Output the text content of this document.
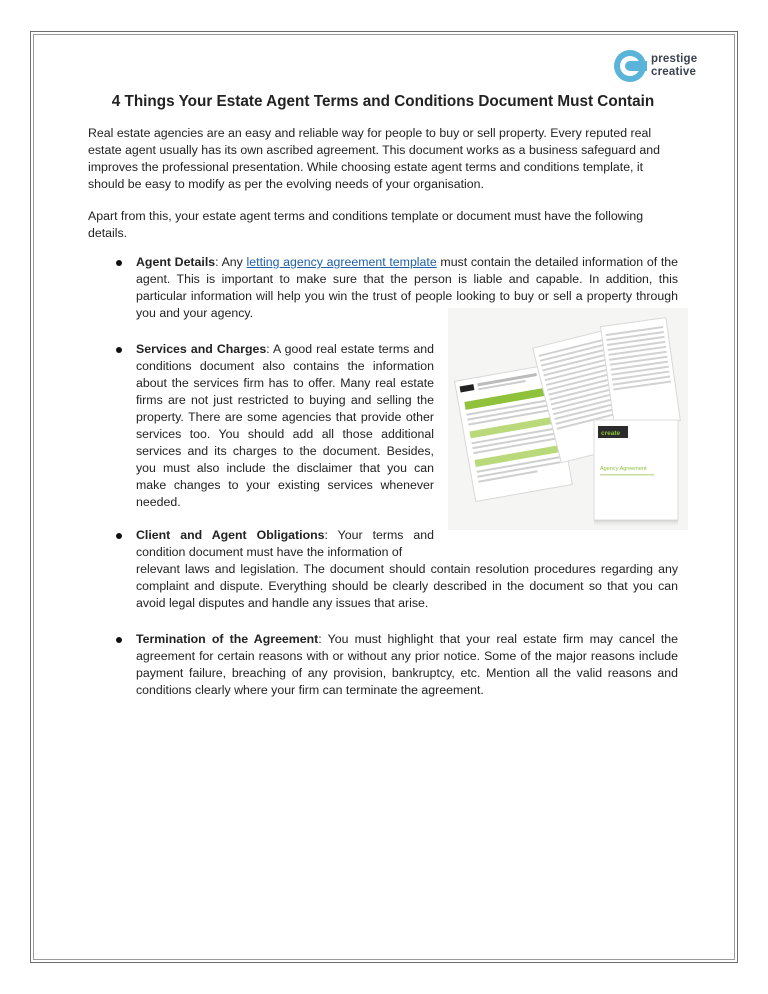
prestige
creative
4 Things Your Estate Agent Terms and Conditions Document Must Contain

Real estate agencies are an easy and reliable way for people to buy or sell property. Every reputed real estate agent usually has its own ascribed agreement. This document works as a business safeguard and improves the professional presentation. While choosing estate agent terms and conditions template, it should be easy to modify as per the evolving needs of your organisation.

Apart from this, your estate agent terms and conditions template or document must have the following details.

Agent Details: Any letting agency agreement template must contain the detailed information of the agent. This is important to make sure that the person is liable and capable. In addition, this particular information will help you win the trust of people looking to buy or sell a property through you and your agency.

Services and Charges: A good real estate terms and conditions document also contains the information about the services firm has to offer. Many real estate firms are not just restricted to buying and selling the property. There are some agencies that provide other services too. You should add all those additional services and its charges to the document. Besides, you must also include the disclaimer that you can make changes to your existing services whenever needed.

Client and Agent Obligations: Your terms and condition document must have the information of
relevant laws and legislation. The document should contain resolution procedures regarding any complaint and dispute. Everything should be clearly described in the document so that you can avoid legal disputes and handle any issues that arise.

Termination of the Agreement: You must highlight that your real estate firm may cancel the agreement for certain reasons with or without any prior notice. Some of the major reasons include payment failure, breaching of any provision, bankruptcy, etc. Mention all the valid reasons and conditions clearly where your firm can terminate the agreement.

create
Agency Agreement
